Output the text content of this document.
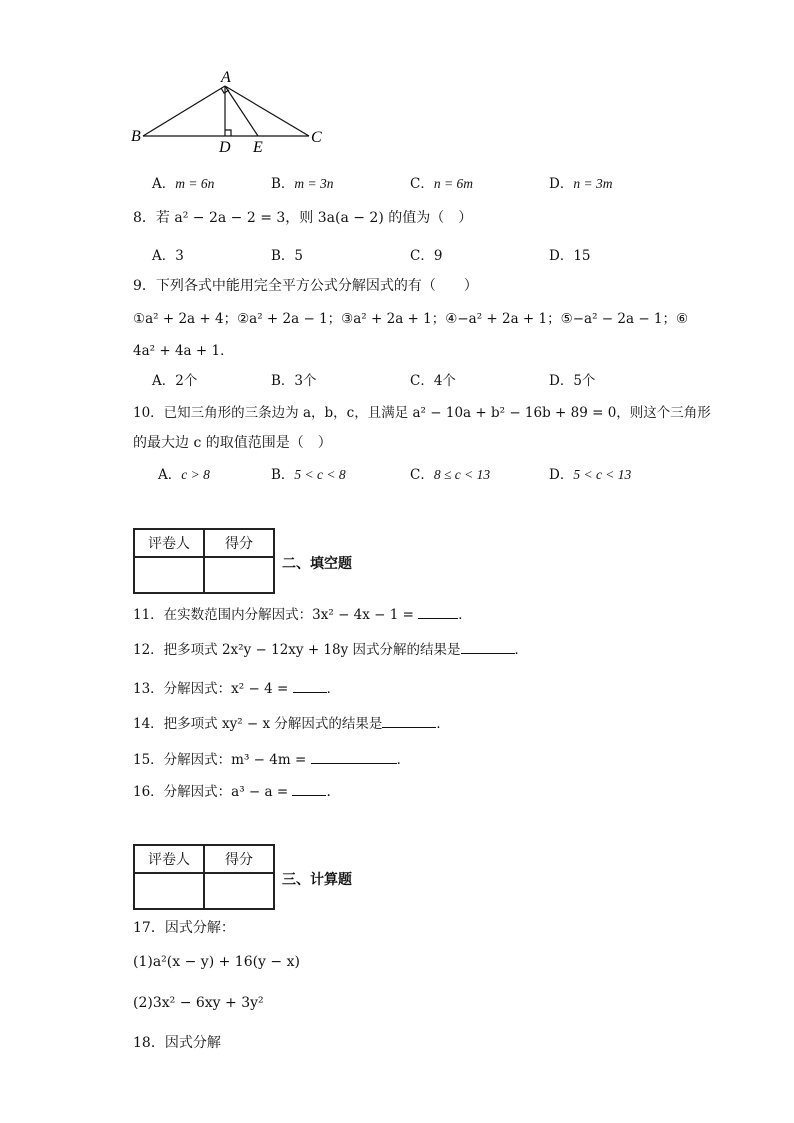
A
B	C
D E
A．m = 6n	B．m = 3n	C．n = 6m	D．n = 3m
8．若 a² − 2a − 2 = 3，则 3a(a − 2) 的值为（　）
A．3	B．5	C．9	D．15
9．下列各式中能用完全平方公式分解因式的有（　　）
①a² + 2a + 4；②a² + 2a − 1；③a² + 2a + 1；④−a² + 2a + 1；⑤−a² − 2a − 1；⑥
4a² + 4a + 1．
A．2个	B．3个	C．4个	D．5个
10．已知三角形的三条边为 a，b，c，且满足 a² − 10a + b² − 16b + 89 = 0，则这个三角形
的最大边 c 的取值范围是（　）
A．c > 8	B．5 < c < 8	C．8 ≤ c < 13	D．5 < c < 13
评卷人	得分

二、填空题
11．在实数范围内分解因式：3x² − 4x − 1 =	．
12．把多项式 2x²y − 12xy + 18y 因式分解的结果是	．
13．分解因式：x² − 4 =	．
14．把多项式 xy² − x 分解因式的结果是	．
15．分解因式：m³ − 4m =	．
16．分解因式：a³ − a =	.
评卷人	得分

三、计算题
17．因式分解：
(1)a²(x − y) + 16(y − x)
(2)3x² − 6xy + 3y²
18．因式分解
